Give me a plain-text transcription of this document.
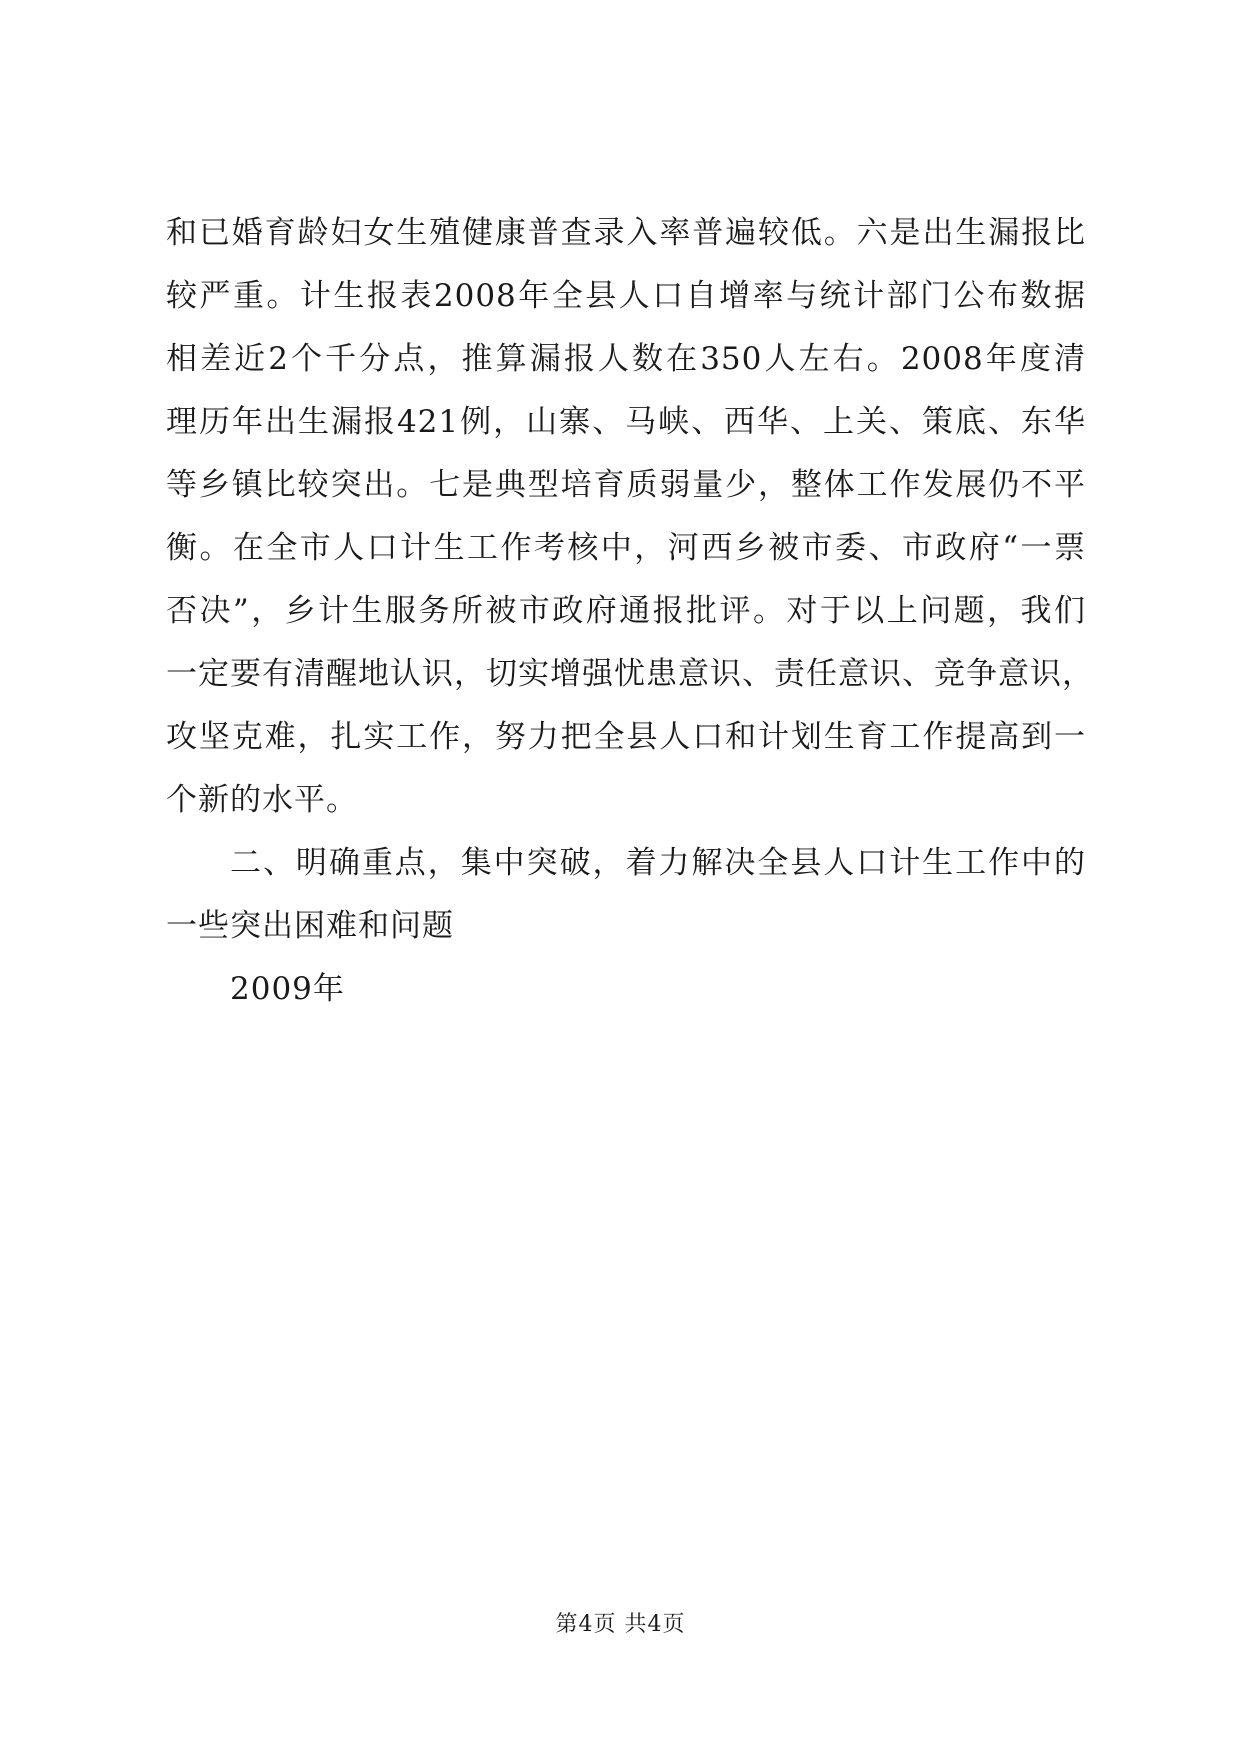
和已婚育龄妇女生殖健康普查录入率普遍较低。六是出生漏报比
较严重。计生报表2008年全县人口自增率与统计部门公布数据
相差近2个千分点，推算漏报人数在350人左右。2008年度清
理历年出生漏报421例，山寨、马峡、西华、上关、策底、东华
等乡镇比较突出。七是典型培育质弱量少，整体工作发展仍不平
衡。在全市人口计生工作考核中，河西乡被市委、市政府“一票
否决”，乡计生服务所被市政府通报批评。对于以上问题，我们
一定要有清醒地认识，切实增强忧患意识、责任意识、竞争意识，
攻坚克难，扎实工作，努力把全县人口和计划生育工作提高到一
个新的水平。
二、明确重点，集中突破，着力解决全县人口计生工作中的
一些突出困难和问题
2009年
第4页 共4页
